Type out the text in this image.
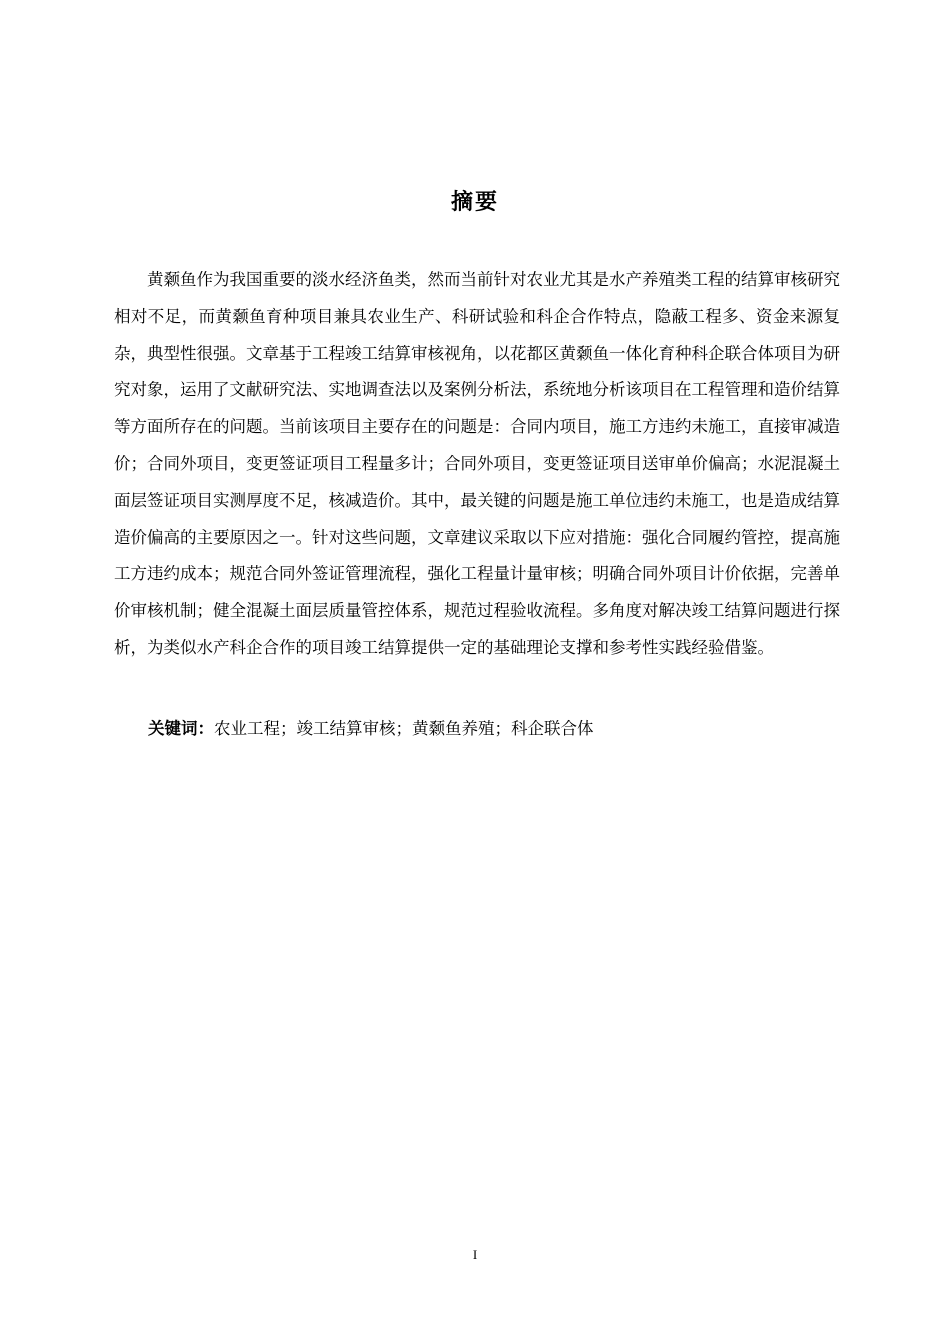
摘要

黄颡鱼作为我国重要的淡水经济鱼类，然而当前针对农业尤其是水产养殖类工程的结算审核研究相对不足，而黄颡鱼育种项目兼具农业生产、科研试验和科企合作特点，隐蔽工程多、资金来源复杂，典型性很强。文章基于工程竣工结算审核视角，以花都区黄颡鱼一体化育种科企联合体项目为研究对象，运用了文献研究法、实地调查法以及案例分析法，系统地分析该项目在工程管理和造价结算等方面所存在的问题。当前该项目主要存在的问题是：合同内项目，施工方违约未施工，直接审减造价；合同外项目，变更签证项目工程量多计；合同外项目，变更签证项目送审单价偏高；水泥混凝土面层签证项目实测厚度不足，核减造价。其中，最关键的问题是施工单位违约未施工，也是造成结算造价偏高的主要原因之一。针对这些问题，文章建议采取以下应对措施：强化合同履约管控，提高施工方违约成本；规范合同外签证管理流程，强化工程量计量审核；明确合同外项目计价依据，完善单价审核机制；健全混凝土面层质量管控体系，规范过程验收流程。多角度对解决竣工结算问题进行探析，为类似水产科企合作的项目竣工结算提供一定的基础理论支撑和参考性实践经验借鉴。

关键词：农业工程；竣工结算审核；黄颡鱼养殖；科企联合体
I
